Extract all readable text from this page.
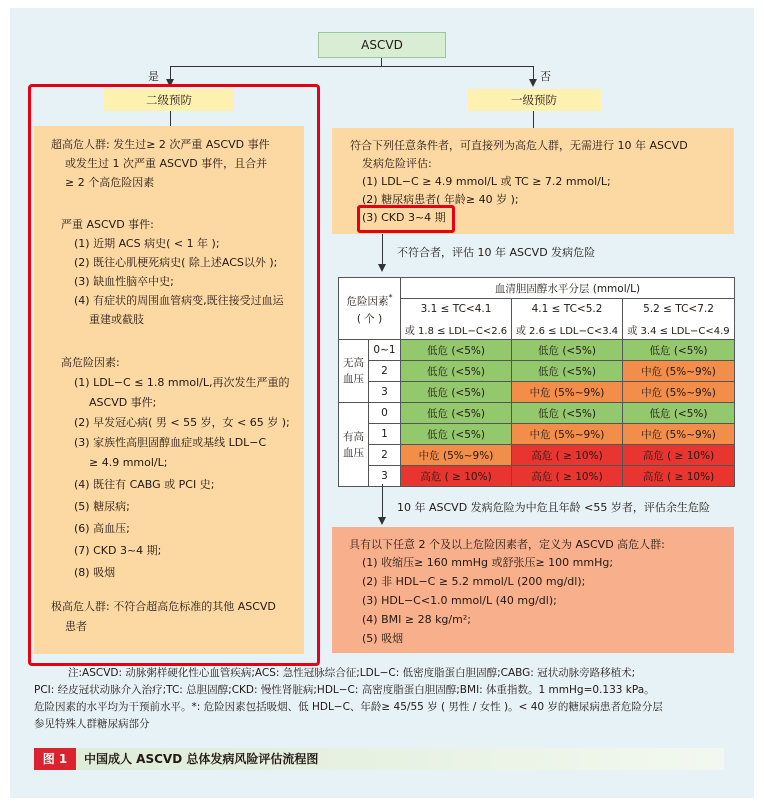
ASCVD
是	否
二级预防
超高危人群: 发生过≥ 2 次严重 ASCVD 事件
或发生过 1 次严重 ASCVD 事件，且合并
≥ 2 个高危险因素
严重 ASCVD 事件:
(1) 近期 ACS 病史( < 1 年 );
(2) 既往心肌梗死病史( 除上述ACS以外 );
(3) 缺血性脑卒中史;
(4) 有症状的周围血管病变,既往接受过血运
重建或截肢
高危险因素:
(1) LDL−C ≤ 1.8 mmol/L,再次发生严重的
ASCVD 事件;
(2) 早发冠心病( 男 < 55 岁，女 < 65 岁 );
(3) 家族性高胆固醇血症或基线 LDL−C
≥ 4.9 mmol/L;
(4) 既往有 CABG 或 PCI 史;
(5) 糖尿病;
(6) 高血压;
(7) CKD 3~4 期;
(8) 吸烟
极高危人群: 不符合超高危标准的其他 ASCVD
患者
一级预防
符合下列任意条件者，可直接列为高危人群，无需进行 10 年 ASCVD
发病危险评估:
(1) LDL−C ≥ 4.9 mmol/L 或 TC ≥ 7.2 mmol/L;
(2) 糖尿病患者( 年龄≥ 40 岁 );
(3) CKD 3~4 期
不符合者，评估 10 年 ASCVD 发病危险
危险因素*
( 个 )		血清胆固醇水平分层 (mmol/L)		
		3.1 ≤ TC<4.1	4.1 ≤ TC<5.2	5.2 ≤ TC<7.2
		或 1.8 ≤ LDL−C<2.6	或 2.6 ≤ LDL−C<3.4	或 3.4 ≤ LDL−C<4.9
无高
血压	0~1	低危 (<5%)	低危 (<5%)	低危 (<5%)
	2	低危 (<5%)	低危 (<5%)	中危 (5%~9%)
	3	低危 (<5%)	中危 (5%~9%)	中危 (5%~9%)
有高
血压	0	低危 (<5%)	低危 (<5%)	低危 (<5%)
	1	低危 (<5%)	中危 (5%~9%)	中危 (5%~9%)
	2	中危 (5%~9%)	高危 ( ≥ 10%)	高危 ( ≥ 10%)
	3	高危 ( ≥ 10%)	高危 ( ≥ 10%)	高危 ( ≥ 10%)
10 年 ASCVD 发病危险为中危且年龄 <55 岁者，评估余生危险
具有以下任意 2 个及以上危险因素者，定义为 ASCVD 高危人群:
(1) 收缩压≥ 160 mmHg 或舒张压≥ 100 mmHg;
(2) 非 HDL−C ≥ 5.2 mmol/L (200 mg/dl);
(3) HDL−C<1.0 mmol/L (40 mg/dl);
(4) BMI ≥ 28 kg/m²;
(5) 吸烟
注:ASCVD: 动脉粥样硬化性心血管疾病;ACS: 急性冠脉综合征;LDL−C: 低密度脂蛋白胆固醇;CABG: 冠状动脉旁路移植术;
PCI: 经皮冠状动脉介入治疗;TC: 总胆固醇;CKD: 慢性肾脏病;HDL−C: 高密度脂蛋白胆固醇;BMI: 体重指数。1 mmHg=0.133 kPa。
危险因素的水平均为干预前水平。*: 危险因素包括吸烟、低 HDL−C、年龄≥ 45/55 岁 ( 男性 / 女性 )。< 40 岁的糖尿病患者危险分层
参见特殊人群糖尿病部分
图 1	中国成人 ASCVD 总体发病风险评估流程图
